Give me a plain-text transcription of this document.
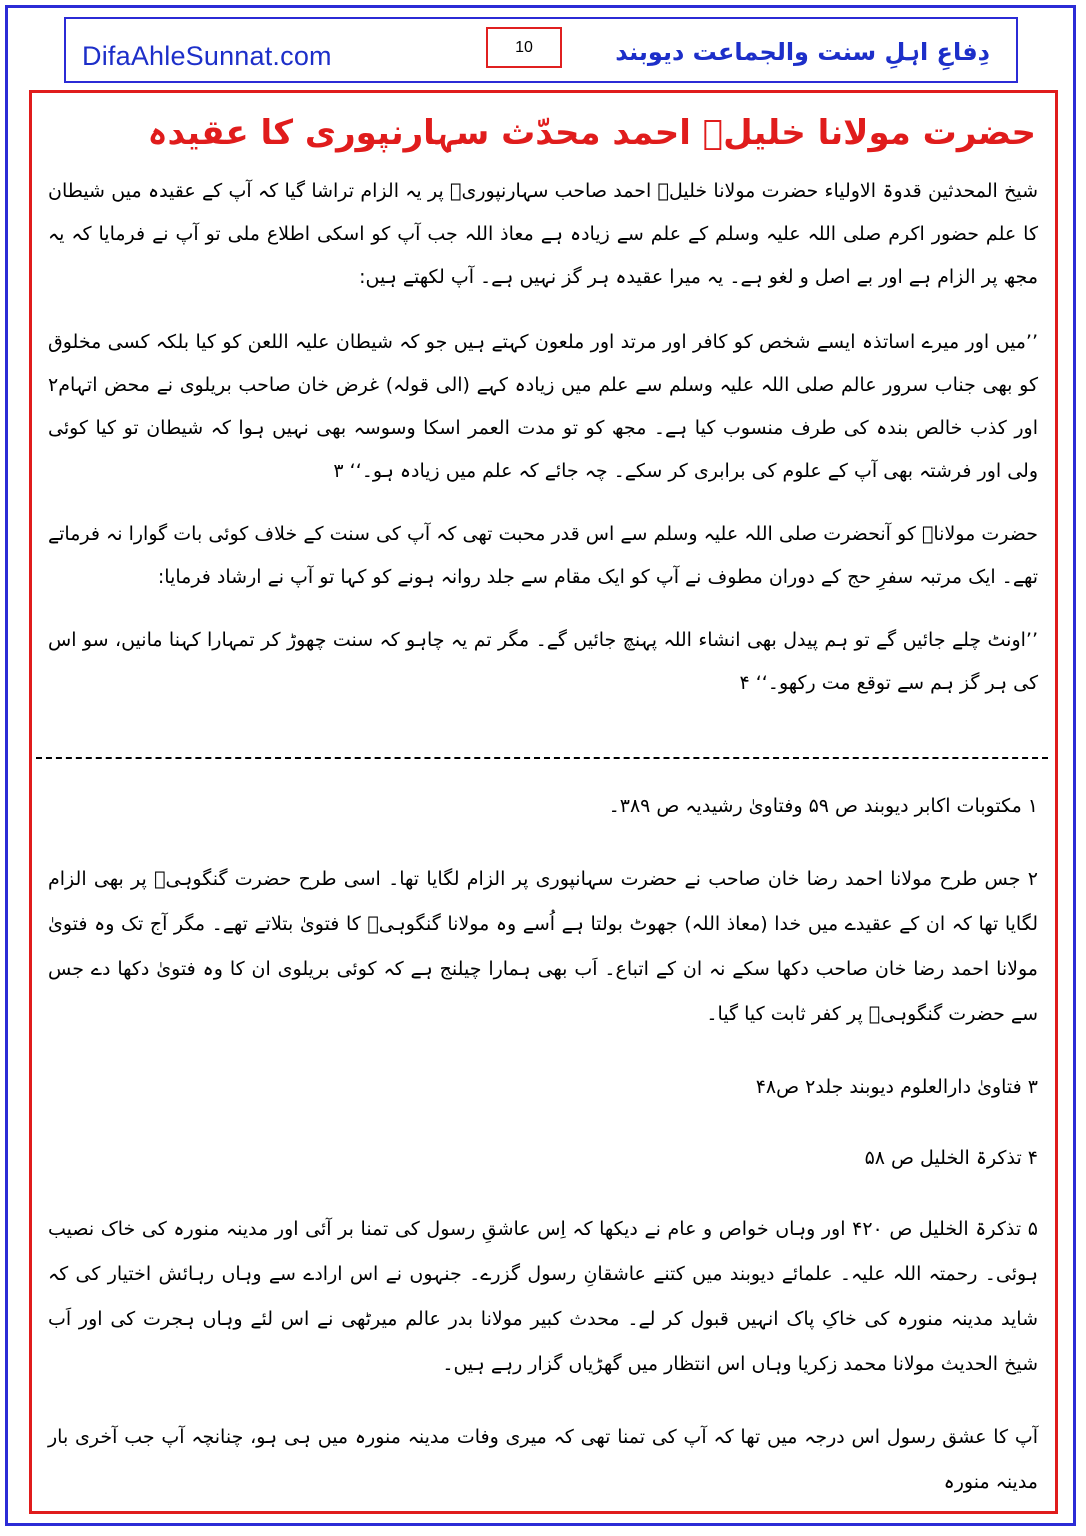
DifaAhleSunnat.com	10	دِفاعِ اہلِ سنت والجماعت دیوبند
حضرت مولانا خلیلؒ احمد محدّث سہارنپوری کا عقیدہ

شیخ المحدثین قدوۃ الاولیاء حضرت مولانا خلیلؒ احمد صاحب سہارنپوریؒ پر یہ الزام تراشا گیا کہ آپ کے عقیدہ میں شیطان کا علم حضور اکرم صلی اللہ علیہ وسلم کے علم سے زیادہ ہے معاذ اللہ جب آپ کو اسکی اطلاع ملی تو آپ نے فرمایا کہ یہ مجھ پر الزام ہے اور بے اصل و لغو ہے۔ یہ میرا عقیدہ ہر گز نہیں ہے۔ آپ لکھتے ہیں:

’’میں اور میرے اساتذہ ایسے شخص کو کافر اور مرتد اور ملعون کہتے ہیں جو کہ شیطان علیہ اللعن کو کیا بلکہ کسی مخلوق کو بھی جناب سرور عالم صلی اللہ علیہ وسلم سے علم میں زیادہ کہے (الی قولہ) غرض خان صاحب بریلوی نے محض اتہام۲ اور کذب خالص بندہ کی طرف منسوب کیا ہے۔ مجھ کو تو مدت العمر اسکا وسوسہ بھی نہیں ہوا کہ شیطان تو کیا کوئی ولی اور فرشتہ بھی آپ کے علوم کی برابری کر سکے۔ چہ جائے کہ علم میں زیادہ ہو۔‘‘ ۳

حضرت مولاناؒ کو آنحضرت صلی اللہ علیہ وسلم سے اس قدر محبت تھی کہ آپ کی سنت کے خلاف کوئی بات گوارا نہ فرماتے تھے۔ ایک مرتبہ سفرِ حج کے دوران مطوف نے آپ کو ایک مقام سے جلد روانہ ہونے کو کہا تو آپ نے ارشاد فرمایا:

’’اونٹ چلے جائیں گے تو ہم پیدل بھی انشاء اللہ پہنچ جائیں گے۔ مگر تم یہ چاہو کہ سنت چھوڑ کر تمہارا کہنا مانیں، سو اس کی ہر گز ہم سے توقع مت رکھو۔‘‘ ۴

۱ مکتوبات اکابر دیوبند ص ۵۹ وفتاویٰ رشیدیہ ص ۳۸۹۔

۲ جس طرح مولانا احمد رضا خان صاحب نے حضرت سہانپوری پر الزام لگایا تھا۔ اسی طرح حضرت گنگوہیؒ پر بھی الزام لگایا تھا کہ ان کے عقیدے میں خدا (معاذ اللہ) جھوٹ بولتا ہے اُسے وہ مولانا گنگوہیؒ کا فتویٰ بتلاتے تھے۔ مگر آج تک وہ فتویٰ مولانا احمد رضا خان صاحب دکھا سکے نہ ان کے اتباع۔ اَب بھی ہمارا چیلنج ہے کہ کوئی بریلوی ان کا وہ فتویٰ دکھا دے جس سے حضرت گنگوہیؒ پر کفر ثابت کیا گیا۔

۳ فتاویٰ دارالعلوم دیوبند جلد۲ ص۴۸

۴ تذکرۃ الخلیل ص ۵۸

۵ تذکرۃ الخلیل ص ۴۲۰ اور وہاں خواص و عام نے دیکھا کہ اِس عاشقِ رسول کی تمنا بر آئی اور مدینہ منورہ کی خاک نصیب ہوئی۔ رحمتہ اللہ علیہ۔ علمائے دیوبند میں کتنے عاشقانِ رسول گزرے۔ جنہوں نے اس ارادے سے وہاں رہائش اختیار کی کہ شاید مدینہ منورہ کی خاکِ پاک انہیں قبول کر لے۔ محدث کبیر مولانا بدر عالم میرٹھی نے اس لئے وہاں ہجرت کی اور اَب شیخ الحدیث مولانا محمد زکریا وہاں اس انتظار میں گھڑیاں گزار رہے ہیں۔

آپ کا عشق رسول اس درجہ میں تھا کہ آپ کی تمنا تھی کہ میری وفات مدینہ منورہ میں ہی ہو، چنانچہ آپ جب آخری بار مدینہ منورہ
